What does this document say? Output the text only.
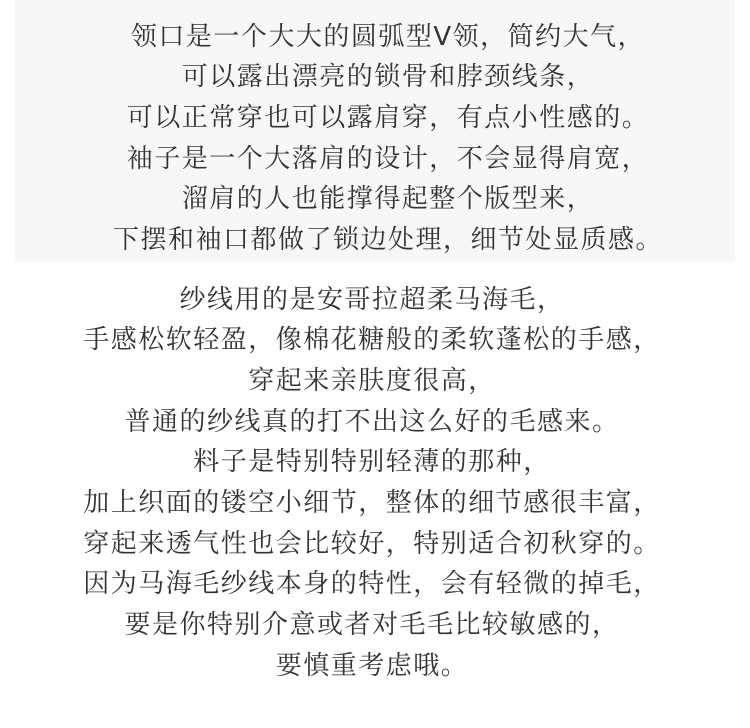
领口是一个大大的圆弧型V领，简约大气，
可以露出漂亮的锁骨和脖颈线条，
可以正常穿也可以露肩穿，有点小性感的。
袖子是一个大落肩的设计，不会显得肩宽，
溜肩的人也能撑得起整个版型来，
下摆和袖口都做了锁边处理，细节处显质感。
纱线用的是安哥拉超柔马海毛，
手感松软轻盈，像棉花糖般的柔软蓬松的手感，
穿起来亲肤度很高，
普通的纱线真的打不出这么好的毛感来。
料子是特别特别轻薄的那种，
加上织面的镂空小细节，整体的细节感很丰富，
穿起来透气性也会比较好，特别适合初秋穿的。
因为马海毛纱线本身的特性，会有轻微的掉毛，
要是你特别介意或者对毛毛比较敏感的，
要慎重考虑哦。
